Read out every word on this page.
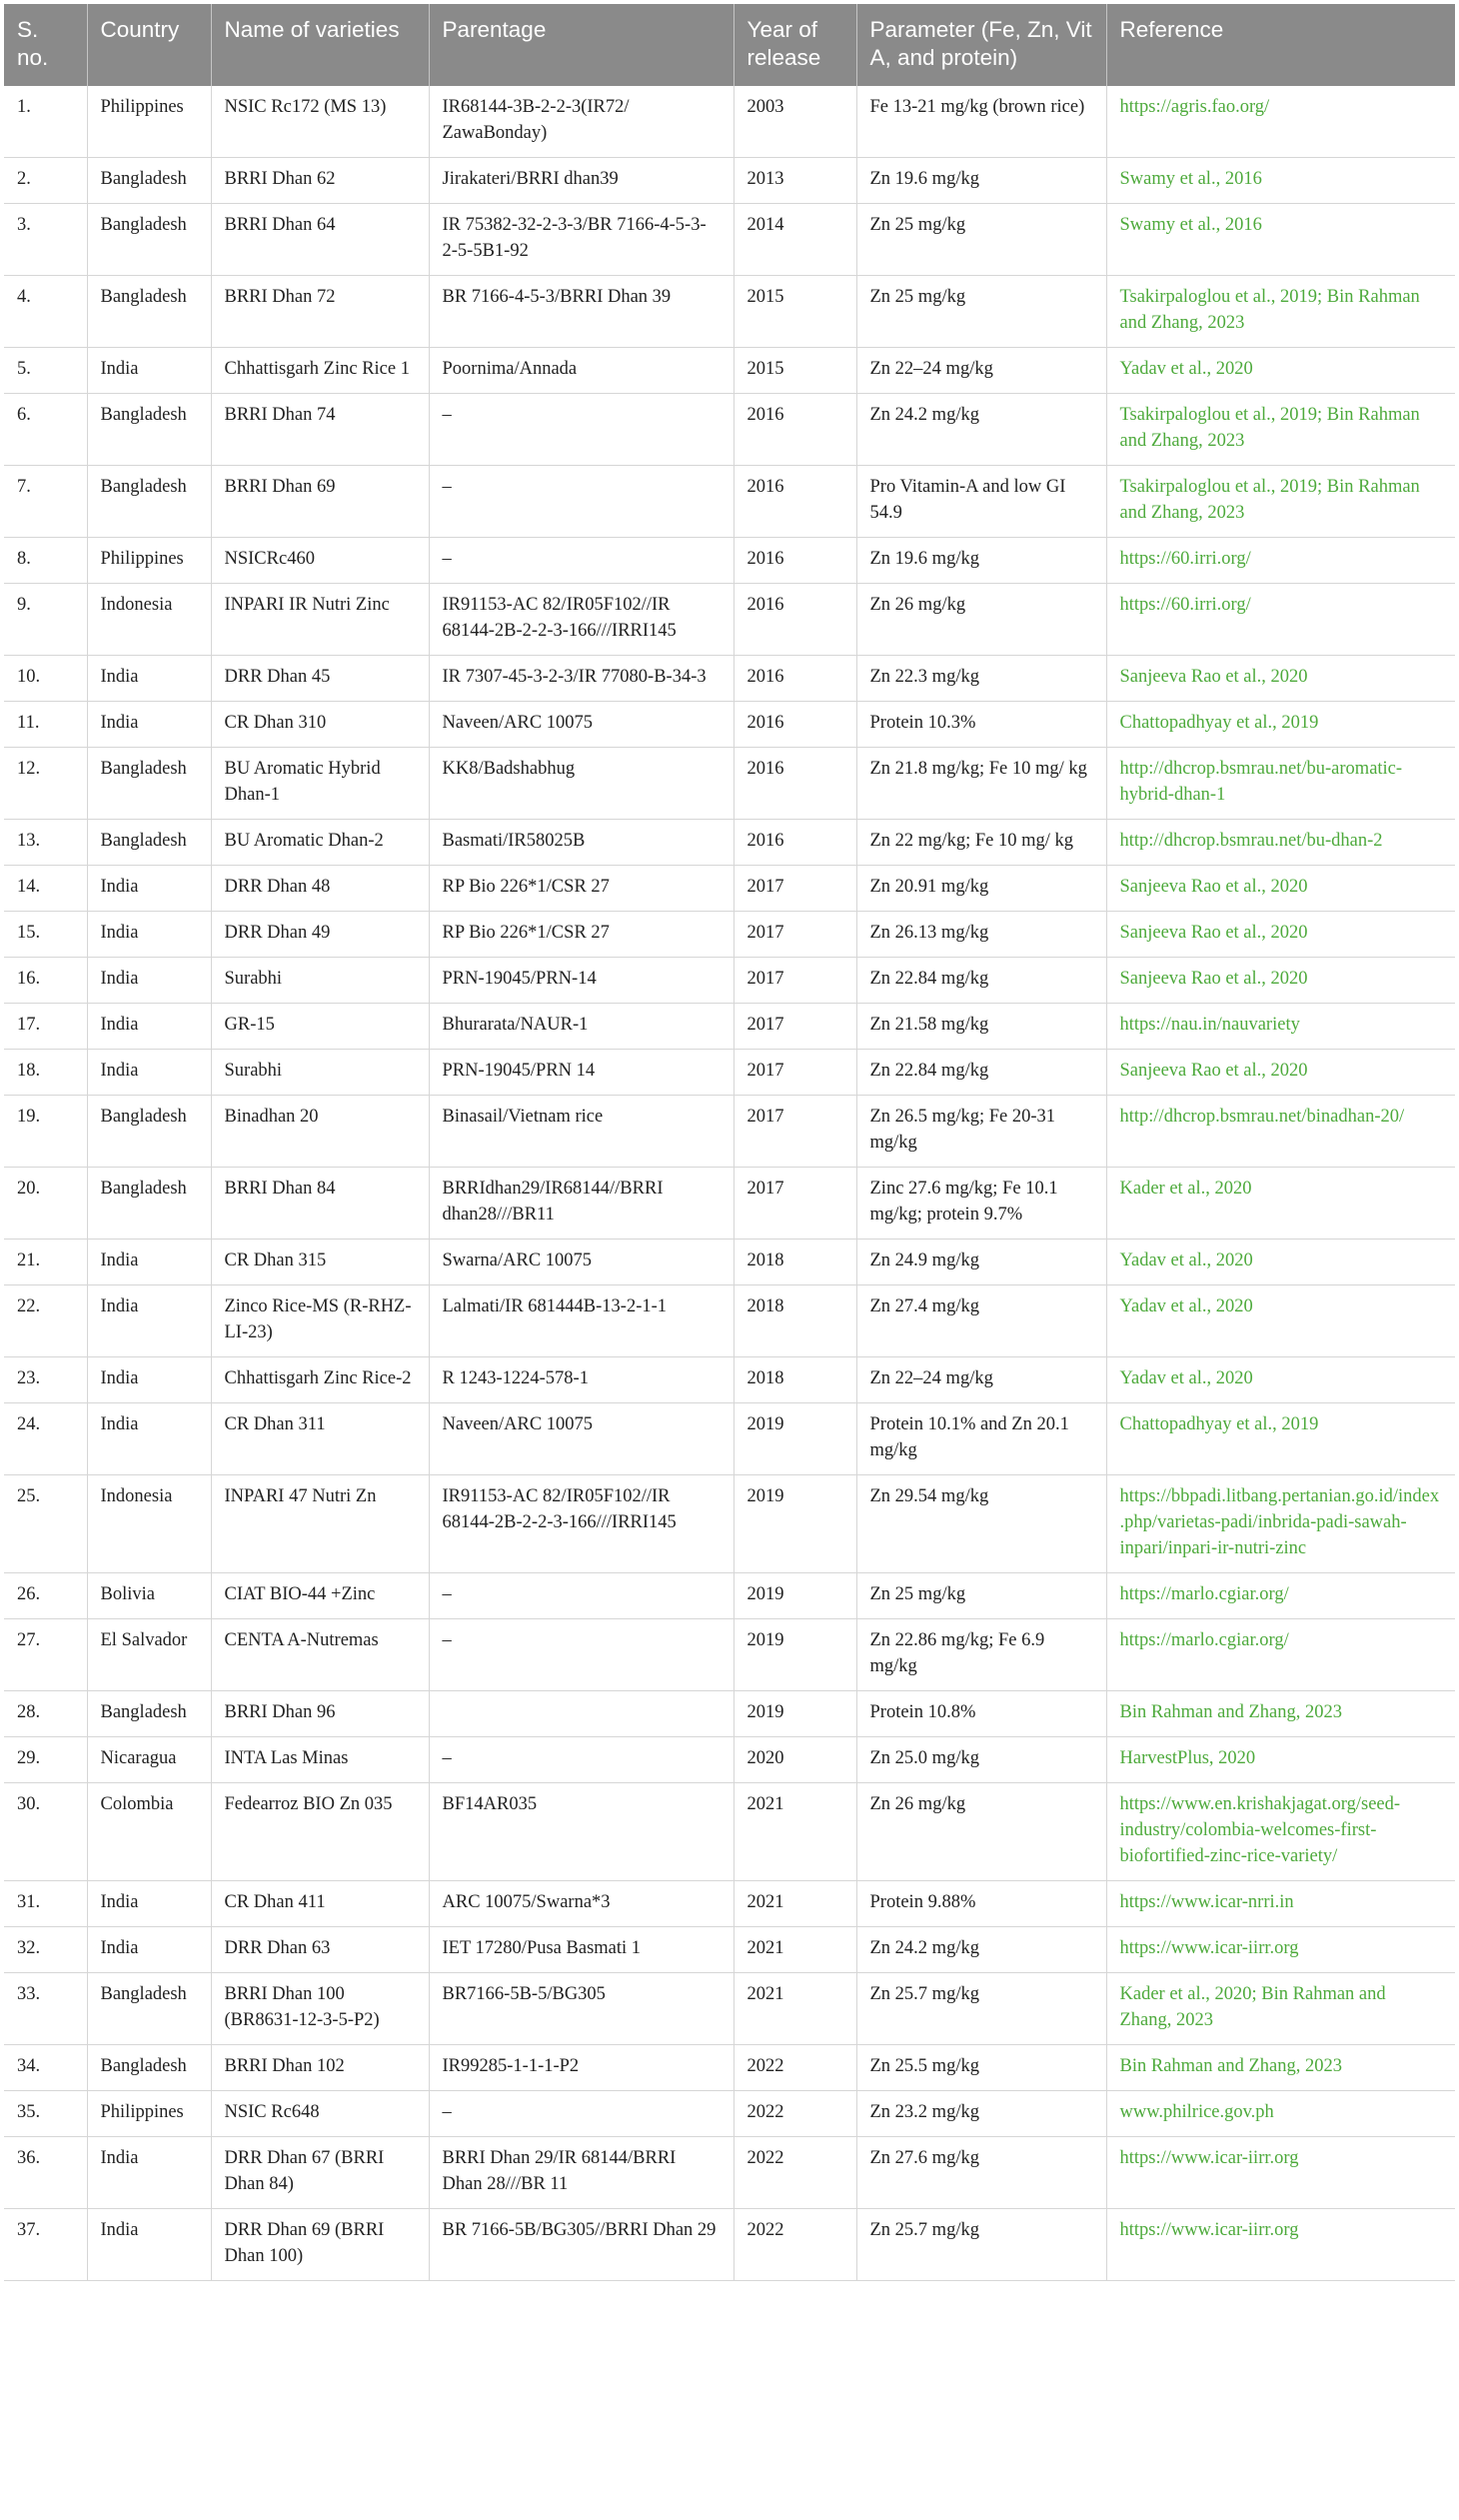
S. no.	Country	Name of varieties	Parentage	Year of release	Parameter (Fe, Zn, Vit A, and protein)	Reference
1.	Philippines	NSIC Rc172 (MS 13)	IR68144-3B-2-2-3(IR72/ ZawaBonday)	2003	Fe 13-21 mg/kg (brown rice)	https://agris.fao.org/
2.	Bangladesh	BRRI Dhan 62	Jirakateri/BRRI dhan39	2013	Zn 19.6 mg/kg	Swamy et al., 2016
3.	Bangladesh	BRRI Dhan 64	IR 75382-32-2-3-3/BR 7166-4-5-3-2-5-5B1-92	2014	Zn 25 mg/kg	Swamy et al., 2016
4.	Bangladesh	BRRI Dhan 72	BR 7166-4-5-3/BRRI Dhan 39	2015	Zn 25 mg/kg	Tsakirpaloglou et al., 2019; Bin Rahman and Zhang, 2023
5.	India	Chhattisgarh Zinc Rice 1	Poornima/Annada	2015	Zn 22–24 mg/kg	Yadav et al., 2020
6.	Bangladesh	BRRI Dhan 74	–	2016	Zn 24.2 mg/kg	Tsakirpaloglou et al., 2019; Bin Rahman and Zhang, 2023
7.	Bangladesh	BRRI Dhan 69	–	2016	Pro Vitamin-A and low GI 54.9	Tsakirpaloglou et al., 2019; Bin Rahman and Zhang, 2023
8.	Philippines	NSICRc460	–	2016	Zn 19.6 mg/kg	https://60.irri.org/
9.	Indonesia	INPARI IR Nutri Zinc	IR91153-AC 82/IR05F102//IR 68144-2B-2-2-3-166///IRRI145	2016	Zn 26 mg/kg	https://60.irri.org/
10.	India	DRR Dhan 45	IR 7307-45-3-2-3/IR 77080-B-34-3	2016	Zn 22.3 mg/kg	Sanjeeva Rao et al., 2020
11.	India	CR Dhan 310	Naveen/ARC 10075	2016	Protein 10.3%	Chattopadhyay et al., 2019
12.	Bangladesh	BU Aromatic Hybrid Dhan-1	KK8/Badshabhug	2016	Zn 21.8 mg/kg; Fe 10 mg/ kg	http://dhcrop.bsmrau.net/bu-aromatic-hybrid-dhan-1
13.	Bangladesh	BU Aromatic Dhan-2	Basmati/IR58025B	2016	Zn 22 mg/kg; Fe 10 mg/ kg	http://dhcrop.bsmrau.net/bu-dhan-2
14.	India	DRR Dhan 48	RP Bio 226*1/CSR 27	2017	Zn 20.91 mg/kg	Sanjeeva Rao et al., 2020
15.	India	DRR Dhan 49	RP Bio 226*1/CSR 27	2017	Zn 26.13 mg/kg	Sanjeeva Rao et al., 2020
16.	India	Surabhi	PRN-19045/PRN-14	2017	Zn 22.84 mg/kg	Sanjeeva Rao et al., 2020
17.	India	GR-15	Bhurarata/NAUR-1	2017	Zn 21.58 mg/kg	https://nau.in/nauvariety
18.	India	Surabhi	PRN-19045/PRN 14	2017	Zn 22.84 mg/kg	Sanjeeva Rao et al., 2020
19.	Bangladesh	Binadhan 20	Binasail/Vietnam rice	2017	Zn 26.5 mg/kg; Fe 20-31 mg/kg	http://dhcrop.bsmrau.net/binadhan-20/
20.	Bangladesh	BRRI Dhan 84	BRRIdhan29/IR68144//BRRI dhan28///BR11	2017	Zinc 27.6 mg/kg; Fe 10.1 mg/kg; protein 9.7%	Kader et al., 2020
21.	India	CR Dhan 315	Swarna/ARC 10075	2018	Zn 24.9 mg/kg	Yadav et al., 2020
22.	India	Zinco Rice-MS (R-RHZ-LI-23)	Lalmati/IR 681444B-13-2-1-1	2018	Zn 27.4 mg/kg	Yadav et al., 2020
23.	India	Chhattisgarh Zinc Rice-2	R 1243-1224-578-1	2018	Zn 22–24 mg/kg	Yadav et al., 2020
24.	India	CR Dhan 311	Naveen/ARC 10075	2019	Protein 10.1% and Zn 20.1 mg/kg	Chattopadhyay et al., 2019
25.	Indonesia	INPARI 47 Nutri Zn	IR91153-AC 82/IR05F102//IR 68144-2B-2-2-3-166///IRRI145	2019	Zn 29.54 mg/kg	https://bbpadi.litbang.pertanian.go.id/index.php/varietas-padi/inbrida-padi-sawah-inpari/inpari-ir-nutri-zinc
26.	Bolivia	CIAT BIO-44 +Zinc	–	2019	Zn 25 mg/kg	https://marlo.cgiar.org/
27.	El Salvador	CENTA A-Nutremas	–	2019	Zn 22.86 mg/kg; Fe 6.9 mg/kg	https://marlo.cgiar.org/
28.	Bangladesh	BRRI Dhan 96		2019	Protein 10.8%	Bin Rahman and Zhang, 2023
29.	Nicaragua	INTA Las Minas	–	2020	Zn 25.0 mg/kg	HarvestPlus, 2020
30.	Colombia	Fedearroz BIO Zn 035	BF14AR035	2021	Zn 26 mg/kg	https://www.en.krishakjagat.org/seed-industry/colombia-welcomes-first-biofortified-zinc-rice-variety/
31.	India	CR Dhan 411	ARC 10075/Swarna*3	2021	Protein 9.88%	https://www.icar-nrri.in
32.	India	DRR Dhan 63	IET 17280/Pusa Basmati 1	2021	Zn 24.2 mg/kg	https://www.icar-iirr.org
33.	Bangladesh	BRRI Dhan 100 (BR8631-12-3-5-P2)	BR7166-5B-5/BG305	2021	Zn 25.7 mg/kg	Kader et al., 2020; Bin Rahman and Zhang, 2023
34.	Bangladesh	BRRI Dhan 102	IR99285-1-1-1-P2	2022	Zn 25.5 mg/kg	Bin Rahman and Zhang, 2023
35.	Philippines	NSIC Rc648	–	2022	Zn 23.2 mg/kg	www.philrice.gov.ph
36.	India	DRR Dhan 67 (BRRI Dhan 84)	BRRI Dhan 29/IR 68144/BRRI Dhan 28///BR 11	2022	Zn 27.6 mg/kg	https://www.icar-iirr.org
37.	India	DRR Dhan 69 (BRRI Dhan 100)	BR 7166-5B/BG305//BRRI Dhan 29	2022	Zn 25.7 mg/kg	https://www.icar-iirr.org
